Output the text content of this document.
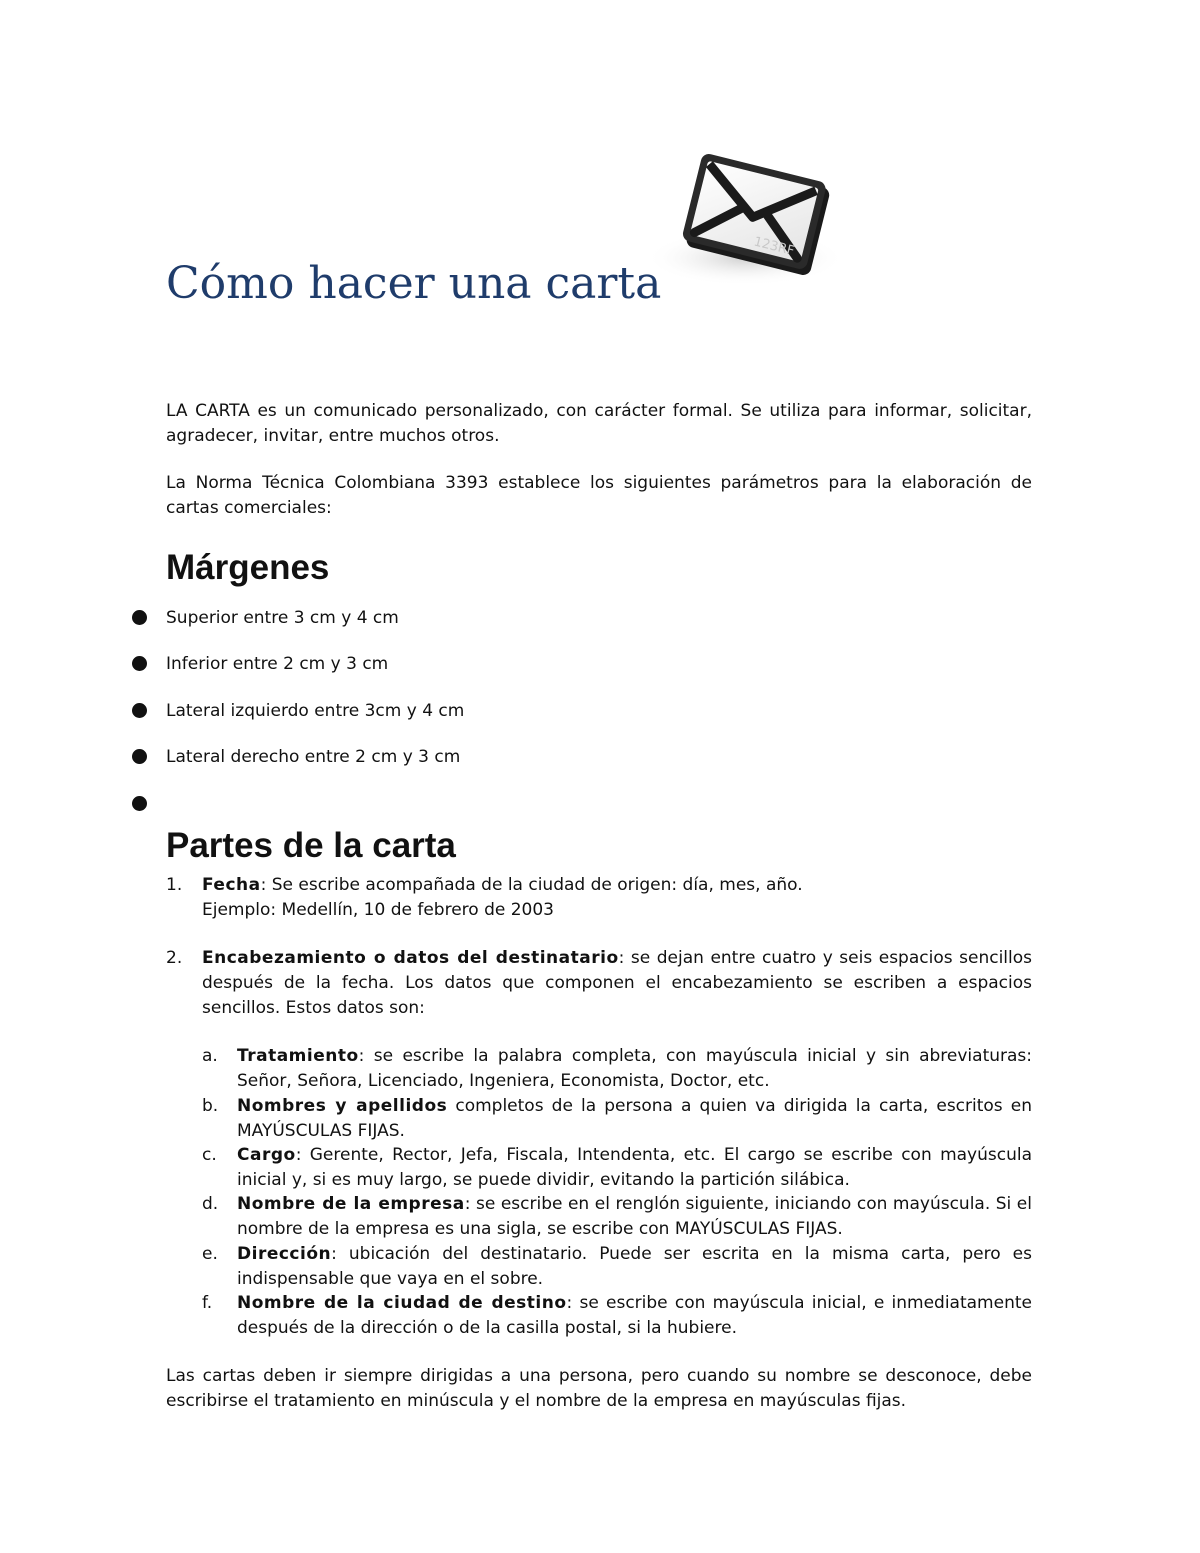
123RF
Cómo hacer una carta

LA CARTA es un comunicado personalizado, con carácter formal. Se utiliza para informar, solicitar, agradecer, invitar, entre muchos otros.

La Norma Técnica Colombiana 3393 establece los siguientes parámetros para la elaboración de cartas comerciales:

Márgenes
Superior entre 3 cm y 4 cm
Inferior entre 2 cm y 3 cm
Lateral izquierdo entre 3cm y 4 cm
Lateral derecho entre 2 cm y 3 cm
Partes de la carta
1. Fecha: Se escribe acompañada de la ciudad de origen: día, mes, año.
Ejemplo: Medellín, 10 de febrero de 2003

2. Encabezamiento o datos del destinatario: se dejan entre cuatro y seis espacios sencillos después de la fecha. Los datos que componen el encabezamiento se escriben a espacios sencillos. Estos datos son:

a. Tratamiento: se escribe la palabra completa, con mayúscula inicial y sin abreviaturas: Señor, Señora, Licenciado, Ingeniera, Economista, Doctor, etc.

b. Nombres y apellidos completos de la persona a quien va dirigida la carta, escritos en MAYÚSCULAS FIJAS.

c. Cargo: Gerente, Rector, Jefa, Fiscala, Intendenta, etc. El cargo se escribe con mayúscula inicial y, si es muy largo, se puede dividir, evitando la partición silábica.

d. Nombre de la empresa: se escribe en el renglón siguiente, iniciando con mayúscula. Si el nombre de la empresa es una sigla, se escribe con MAYÚSCULAS FIJAS.

e. Dirección: ubicación del destinatario. Puede ser escrita en la misma carta, pero es indispensable que vaya en el sobre.

f. Nombre de la ciudad de destino: se escribe con mayúscula inicial, e inmediatamente después de la dirección o de la casilla postal, si la hubiere.

Las cartas deben ir siempre dirigidas a una persona, pero cuando su nombre se desconoce, debe escribirse el tratamiento en minúscula y el nombre de la empresa en mayúsculas fijas.
